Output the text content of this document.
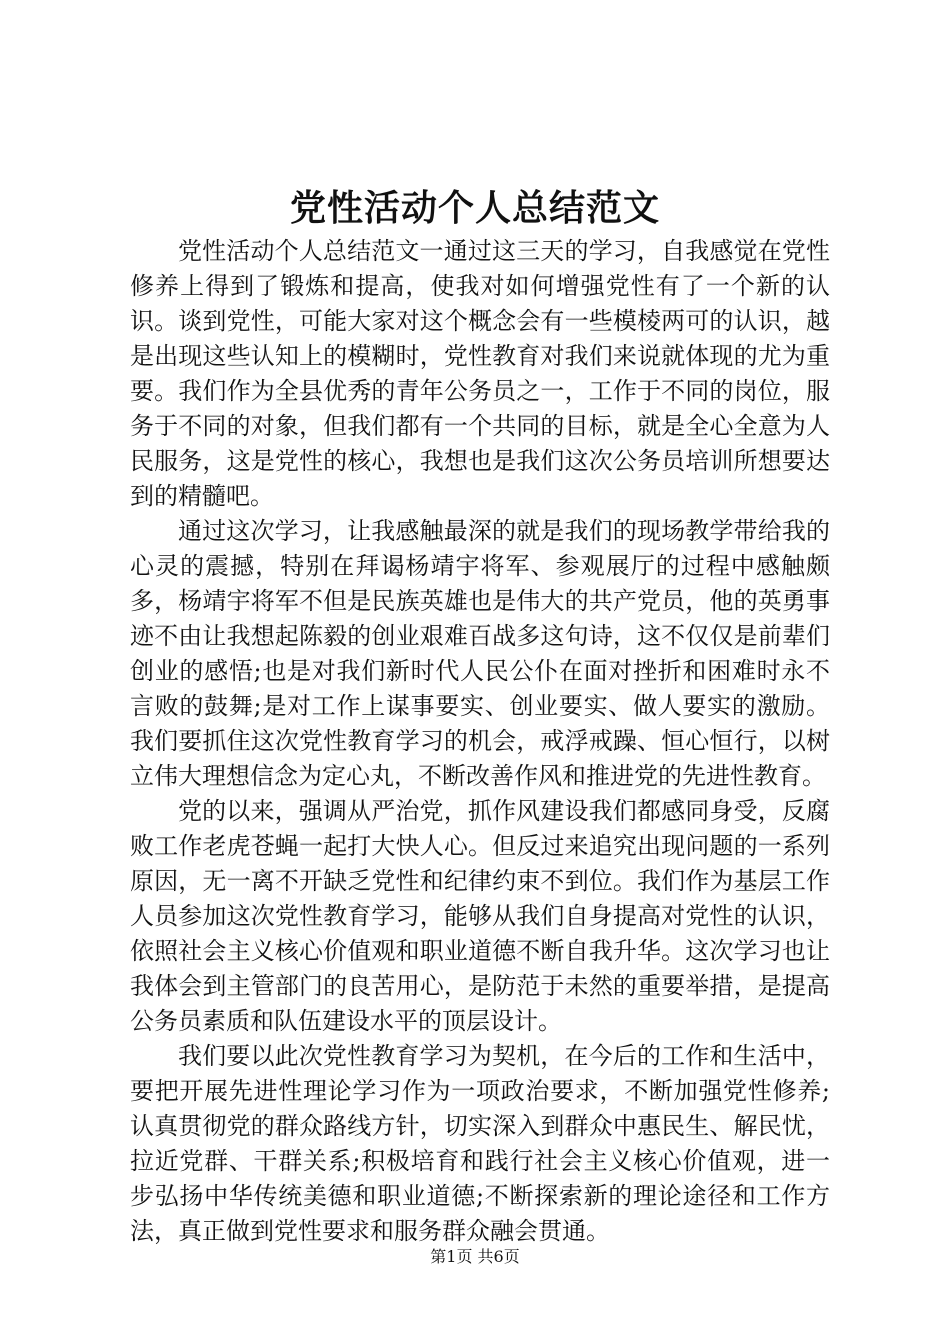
党性活动个人总结范文

党性活动个人总结范文一通过这三天的学习，自我感觉在党性修养上得到了锻炼和提高，使我对如何增强党性有了一个新的认识。谈到党性，可能大家对这个概念会有一些模棱两可的认识，越是出现这些认知上的模糊时，党性教育对我们来说就体现的尤为重要。我们作为全县优秀的青年公务员之一，工作于不同的岗位，服务于不同的对象，但我们都有一个共同的目标，就是全心全意为人民服务，这是党性的核心，我想也是我们这次公务员培训所想要达到的精髓吧。

通过这次学习，让我感触最深的就是我们的现场教学带给我的心灵的震撼，特别在拜谒杨靖宇将军、参观展厅的过程中感触颇多，杨靖宇将军不但是民族英雄也是伟大的共产党员，他的英勇事迹不由让我想起陈毅的创业艰难百战多这句诗，这不仅仅是前辈们创业的感悟;也是对我们新时代人民公仆在面对挫折和困难时永不言败的鼓舞;是对工作上谋事要实、创业要实、做人要实的激励。我们要抓住这次党性教育学习的机会，戒浮戒躁、恒心恒行，以树立伟大理想信念为定心丸，不断改善作风和推进党的先进性教育。

党的以来，强调从严治党，抓作风建设我们都感同身受，反腐败工作老虎苍蝇一起打大快人心。但反过来追究出现问题的一系列原因，无一离不开缺乏党性和纪律约束不到位。我们作为基层工作人员参加这次党性教育学习，能够从我们自身提高对党性的认识，依照社会主义核心价值观和职业道德不断自我升华。这次学习也让我体会到主管部门的良苦用心，是防范于未然的重要举措，是提高公务员素质和队伍建设水平的顶层设计。

我们要以此次党性教育学习为契机，在今后的工作和生活中，要把开展先进性理论学习作为一项政治要求，不断加强党性修养;认真贯彻党的群众路线方针，切实深入到群众中惠民生、解民忧，拉近党群、干群关系;积极培育和践行社会主义核心价值观，进一步弘扬中华传统美德和职业道德;不断探索新的理论途径和工作方法，真正做到党性要求和服务群众融会贯通。

第1页 共6页
